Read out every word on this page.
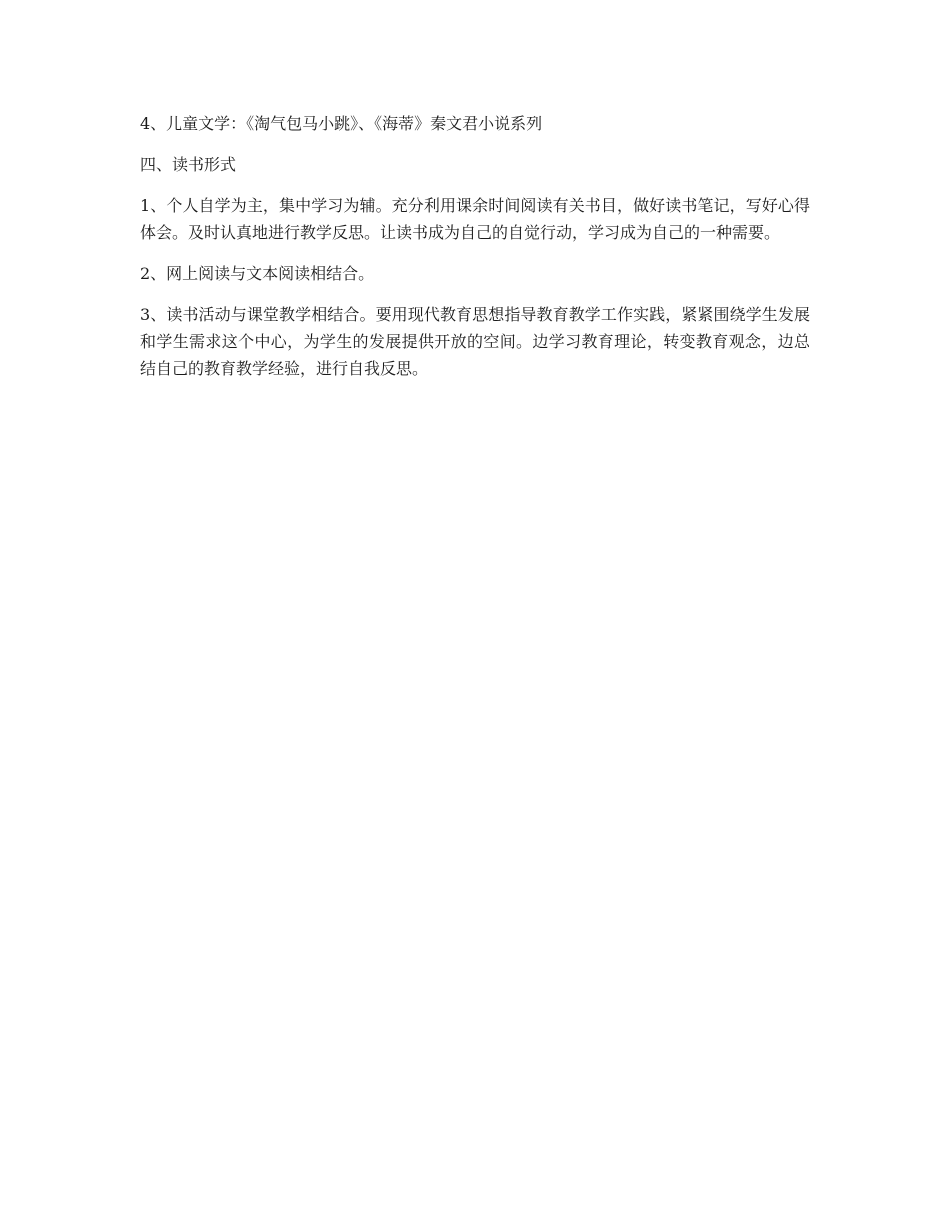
4、儿童文学：《淘气包马小跳》、《海蒂》秦文君小说系列

四、读书形式

1、个人自学为主，集中学习为辅。充分利用课余时间阅读有关书目，做好读书笔记，写好心得体会。及时认真地进行教学反思。让读书成为自己的自觉行动，学习成为自己的一种需要。

2、网上阅读与文本阅读相结合。

3、读书活动与课堂教学相结合。要用现代教育思想指导教育教学工作实践，紧紧围绕学生发展和学生需求这个中心，为学生的发展提供开放的空间。边学习教育理论，转变教育观念，边总结自己的教育教学经验，进行自我反思。
